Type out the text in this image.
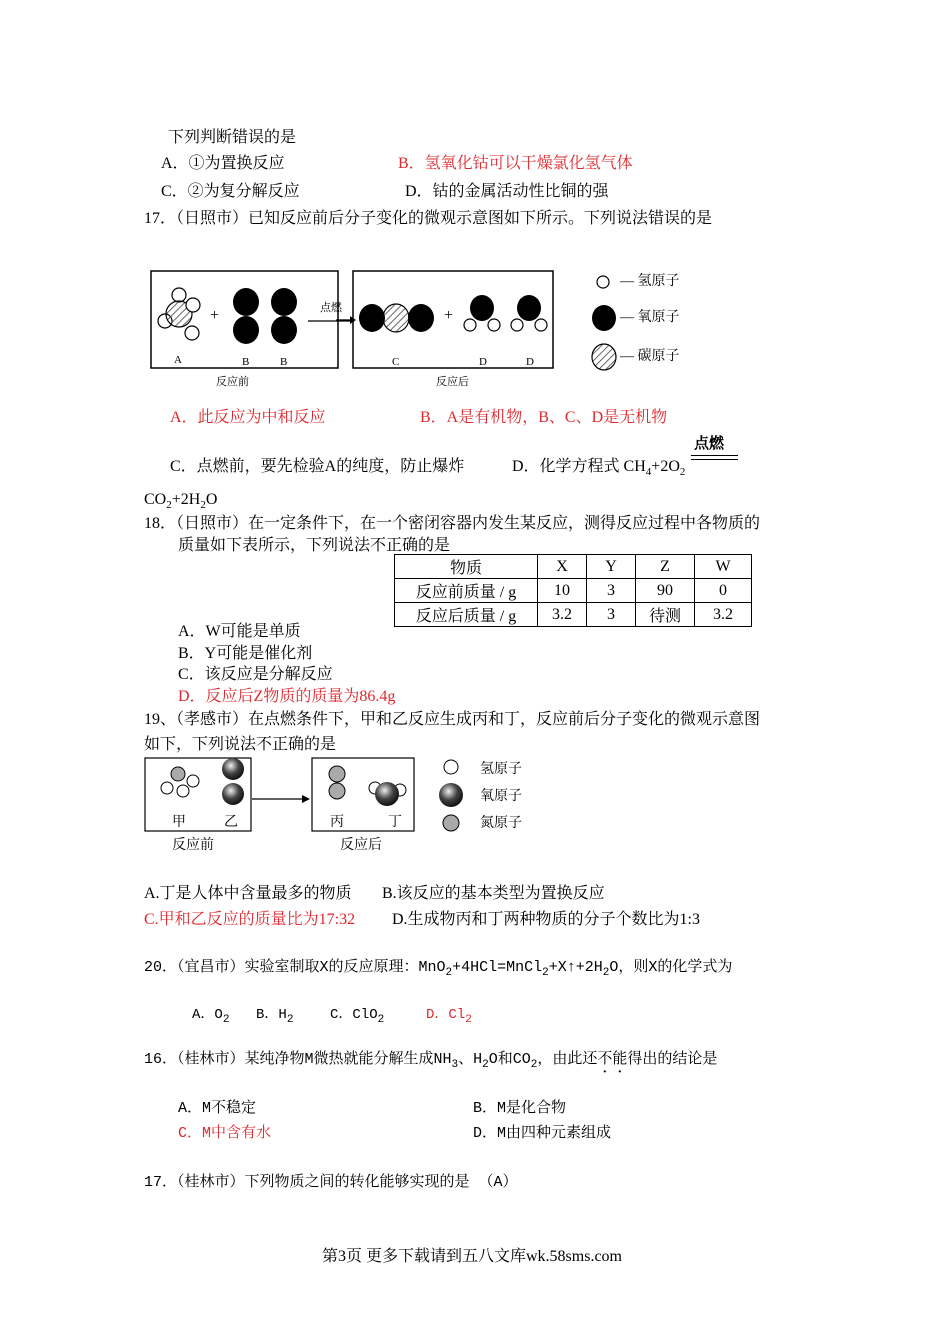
下列判断错误的是
A．①为置换反应	B．氢氧化钴可以干燥氯化氢气体
C．②为复分解反应	D．钴的金属活动性比铜的强
17．（日照市）已知反应前后分子变化的微观示意图如下所示。下列说法错误的是
点燃
+	+
A	B	B	C	D	D
反应前	反应后
— 氢原子
— 氧原子
— 碳原子
A．此反应为中和反应	B．A是有机物，B、C、D是无机物
C．点燃前，要先检验A的纯度，防止爆炸	D．化学方程式 $CH_4+2O_2$
点燃
$CO_2+2H_2O$
18．（日照市）在一定条件下，在一个密闭容器内发生某反应，测得反应过程中各物质的
质量如下表所示，下列说法不正确的是
物质	X	Y	Z	W
反应前质量 / g	10	3	90	0
反应后质量 / g	3.2	3	待测	3.2
A．W可能是单质
B．Y可能是催化剂
C．该反应是分解反应
D．反应后Z物质的质量为86.4g
19、（孝感市）在点燃条件下，甲和乙反应生成丙和丁，反应前后分子变化的微观示意图
如下，下列说法不正确的是
甲	乙	丙	丁
反应前	反应后
氢原子
氧原子
氮原子
A.丁是人体中含量最多的物质 B.该反应的基本类型为置换反应
C.甲和乙反应的质量比为17:32 D.生成物丙和丁两种物质的分子个数比为1:3
20．（宜昌市）实验室制取X的反应原理：$MnO_2+4HCl=MnCl_2+X↑+2H_2O$，则X的化学式为
A．$O_2$ B．$H_2$	C．ClO$_2$	D．$Cl_2$
16．（桂林市）某纯净物M微热就能分解生成$NH_3$、$H_2O$和$CO_2$，由此还不能得出的结论是
A．M不稳定	B．M是化合物
C．M中含有水	D．M由四种元素组成
17．（桂林市）下列物质之间的转化能够实现的是 （A）
第3页 更多下载请到五八文库wk.58sms.com
